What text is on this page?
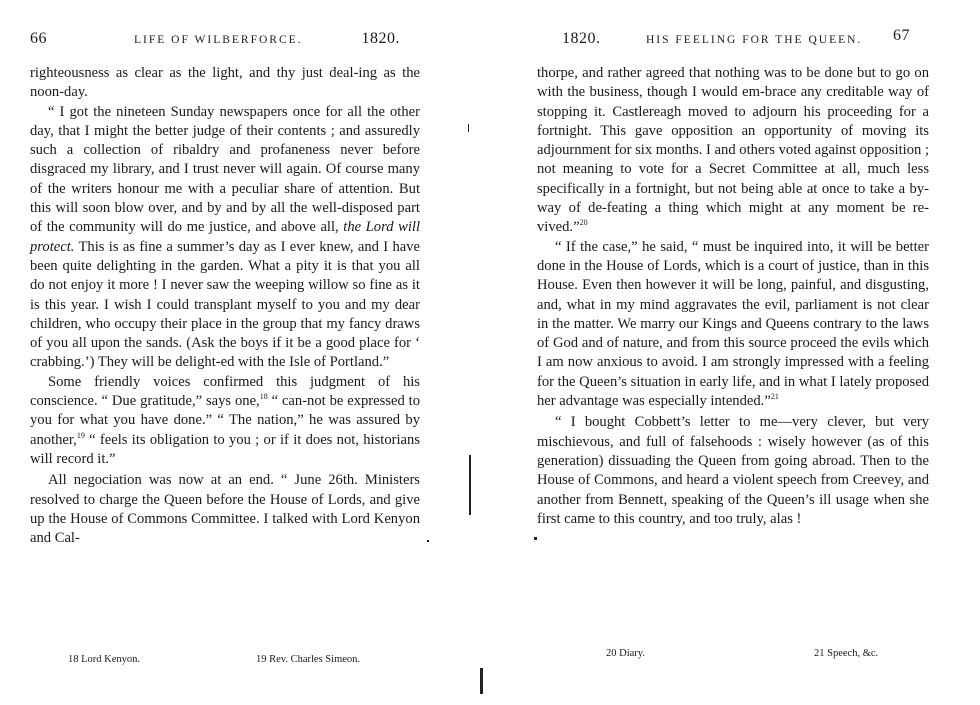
66	LIFE OF WILBERFORCE.	1820.

righteousness as clear as the light, and thy just deal-ing as the noon-day.

“ I got the nineteen Sunday newspapers once for all the other day, that I might the better judge of their contents ; and assuredly such a collection of ribaldry and profaneness never before disgraced my library, and I trust never will again. Of course many of the writers honour me with a peculiar share of attention. But this will soon blow over, and by and by all the well-disposed part of the community will do me justice, and above all, the Lord will protect. This is as fine a summer’s day as I ever knew, and I have been quite delighting in the garden. What a pity it is that you all do not enjoy it more ! I never saw the weeping willow so fine as it is this year. I wish I could transplant myself to you and my dear children, who occupy their place in the group that my fancy draws of you all upon the sands. (Ask the boys if it be a good place for ‘ crabbing.’) They will be delight-ed with the Isle of Portland.”

Some friendly voices confirmed this judgment of his conscience. “ Due gratitude,” says one,$^{18}$ “ can-not be expressed to you for what you have done.” “ The nation,” he was assured by another,$^{19}$ “ feels its obligation to you ; or if it does not, historians will record it.”

All negociation was now at an end. “ June 26th. Ministers resolved to charge the Queen before the House of Lords, and give up the House of Commons Committee. I talked with Lord Kenyon and Cal-

18 Lord Kenyon.	19 Rev. Charles Simeon.
1820.	HIS FEELING FOR THE QUEEN. 67

thorpe, and rather agreed that nothing was to be done but to go on with the business, though I would em-brace any creditable way of stopping it. Castlereagh moved to adjourn his proceeding for a fortnight. This gave opposition an opportunity of moving its adjournment for six months. I and others voted against opposition ; not meaning to vote for a Secret Committee at all, much less specifically in a fortnight, but not being able at once to take a by-way of de-feating a thing which might at any moment be re-vived.”$^{20}$

“ If the case,” he said, “ must be inquired into, it will be better done in the House of Lords, which is a court of justice, than in this House. Even then however it will be long, painful, and disgusting, and, what in my mind aggravates the evil, parliament is not clear in the matter. We marry our Kings and Queens contrary to the laws of God and of nature, and from this source proceed the evils which I am now anxious to avoid. I am strongly impressed with a feeling for the Queen’s situation in early life, and in what I lately proposed her advantage was especially intended.”$^{21}$

“ I bought Cobbett’s letter to me—very clever, but very mischievous, and full of falsehoods : wisely however (as of this generation) dissuading the Queen from going abroad. Then to the House of Commons, and heard a violent speech from Creevey, and another from Bennett, speaking of the Queen’s ill usage when she first came to this country, and too truly, alas !

20 Diary.	21 Speech, &c.
